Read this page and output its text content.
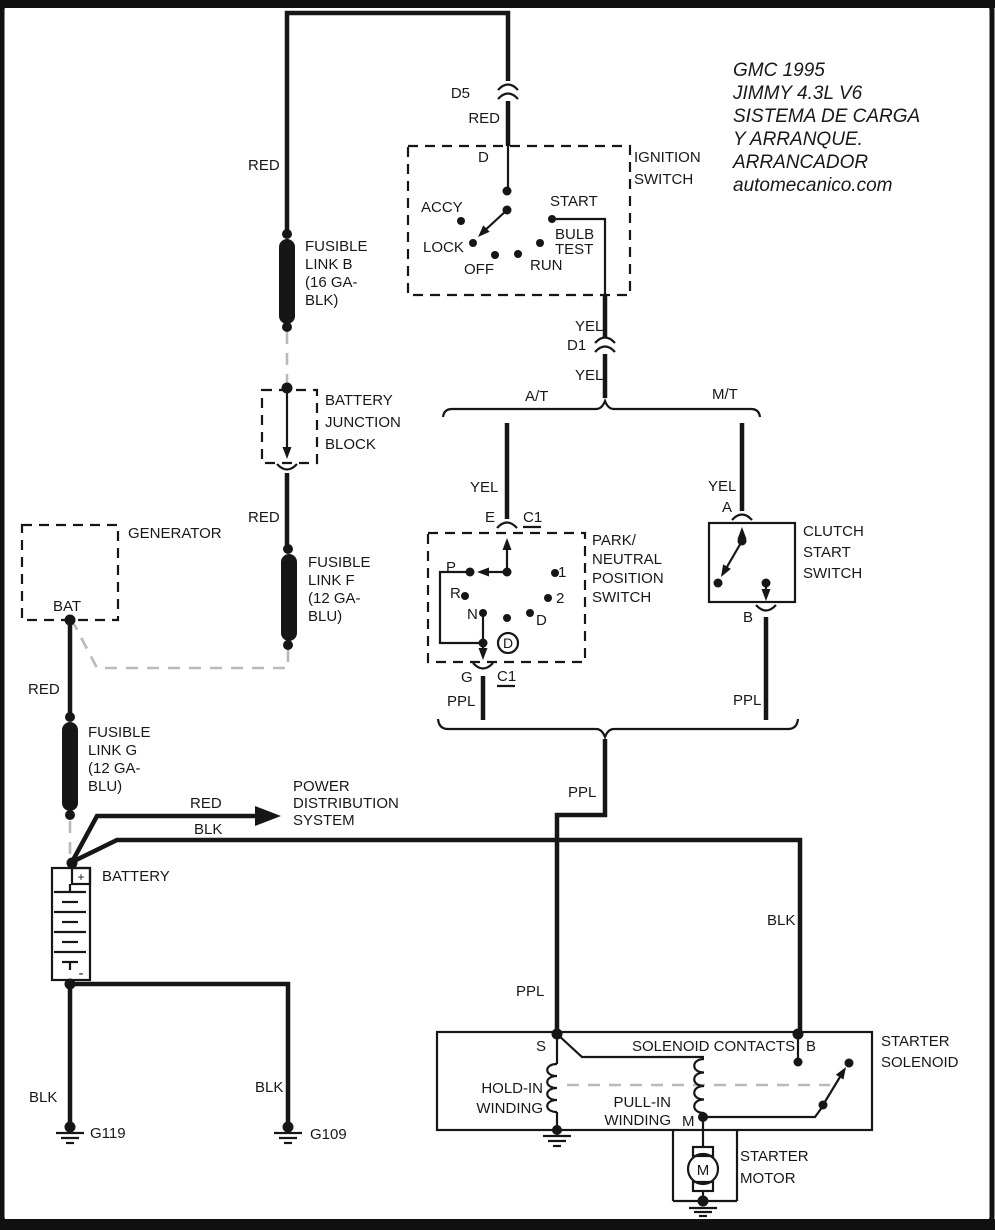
GMC 1995
JIMMY 4.3L V6
SISTEMA DE CARGA
Y ARRANQUE.
ARRANCADOR
automecanico.com
D5
RED
RED
FUSIBLE
LINK B
(16 GA-
BLK)
BATTERY
JUNCTION
BLOCK
RED
FUSIBLE
LINK F
(12 GA-
BLU)
GENERATOR
BAT
RED
FUSIBLE
LINK G
(12 GA-
BLU)
IGNITION
SWITCH
D
ACCY
LOCK
OFF RUN
BULB
TEST
START
YEL
D1
YEL
A/T	M/T
YEL
E C1
PARK/
NEUTRAL
POSITION
SWITCH
P
R
N
1
2
D
D
G C1
PPL
YEL
A
CLUTCH
START
SWITCH
B
PPL
PPL
PPL
RED
BLK
POWER
DISTRIBUTION
SYSTEM
BLK
+ BATTERY
-
BLK
BLK
G119	G109
STARTER
SOLENOID
S	SOLENOID CONTACTS B
HOLD-IN
WINDING	PULL-IN
WINDING M
M
STARTER
MOTOR
